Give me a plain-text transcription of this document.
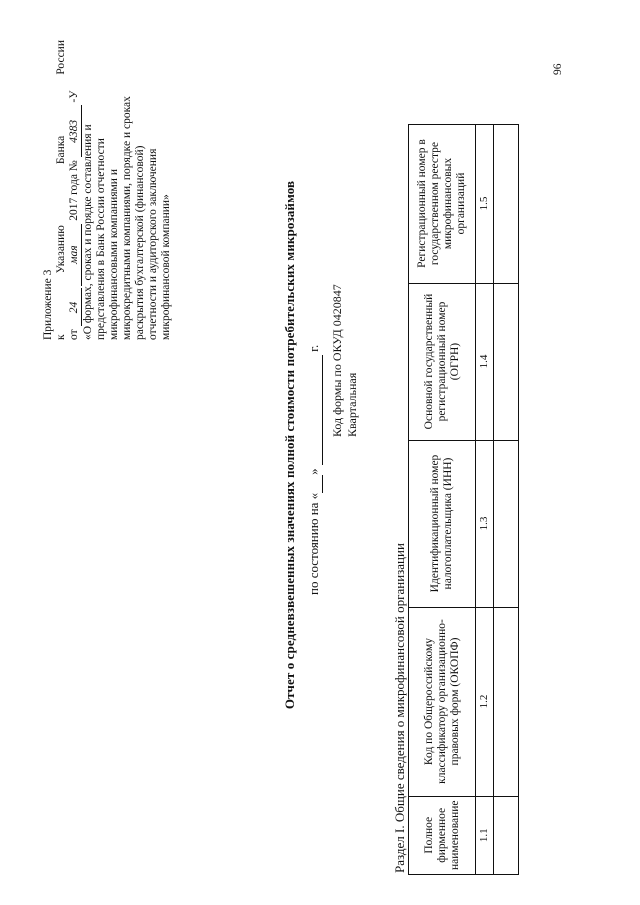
Приложение 3 к
Указанию
Банка
России
от 24 мая 2017 года № 4383 -У
«О формах, сроках и порядке составления и представления в Банк России отчетности микрофинансовыми компаниями и микрокредитными компаниями, порядке и сроках раскрытия бухгалтерской (финансовой) отчетности и аудиторского заключения микрофинансовой компании»	Отчет о средневзвешенных значениях полной стоимости потребительских микрозаймов по состоянию на « »   г. Код формы по ОКУД 0420847 Квартальная
Раздел I. Общие сведения о микрофинансовой организации Полное фирменное наименование	Код по Общероссийскому классификатору организационно-правовых форм (ОКОПФ)	Идентификационный номер налогоплательщика (ИНН)	Основной государственный регистрационный номер (ОГРН)	Регистрационный номер в государственном реестре микрофинансовых организаций
1.1	1.2	1.3	1.4	1.5

96
